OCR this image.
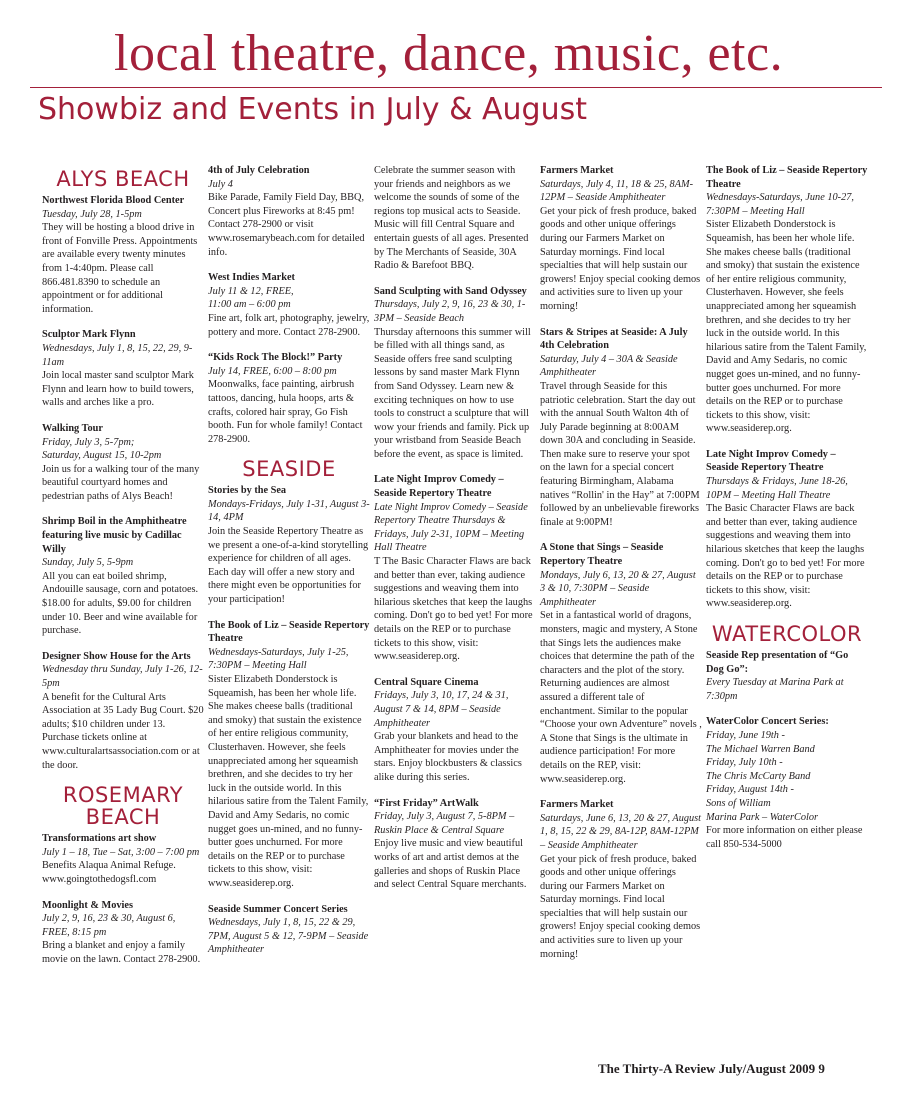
local theatre, dance, music, etc.
Showbiz and Events in July & August
ALYS BEACH
Northwest Florida Blood Center
Tuesday, July 28, 1-5pm
They will be hosting a blood drive in front of Fonville Press. Appointments are available every twenty minutes from 1-4:40pm. Please call 866.481.8390 to schedule an appointment or for additional information.
Sculptor Mark Flynn
Wednesdays, July 1, 8, 15, 22, 29, 9-11am
Join local master sand sculptor Mark Flynn and learn how to build towers, walls and arches like a pro.
Walking Tour
Friday, July 3, 5-7pm;
Saturday, August 15, 10-2pm
Join us for a walking tour of the many beautiful courtyard homes and pedestrian paths of Alys Beach!
Shrimp Boil in the Amphitheatre featuring live music by Cadillac Willy
Sunday, July 5, 5-9pm
All you can eat boiled shrimp, Andouille sausage, corn and potatoes. $18.00 for adults, $9.00 for children under 10. Beer and wine available for purchase.
Designer Show House for the Arts
Wednesday thru Sunday, July 1-26, 12-5pm
A benefit for the Cultural Arts Association at 35 Lady Bug Court. $20 adults; $10 children under 13. Purchase tickets online at www.culturalartsassociation.com or at the door.
ROSEMARY BEACH
Transformations art show
July 1 – 18, Tue – Sat, 3:00 – 7:00 pm
Benefits Alaqua Animal Refuge. www.goingtothedogsfl.com
Moonlight & Movies
July 2, 9, 16, 23 & 30, August 6, FREE, 8:15 pm
Bring a blanket and enjoy a family movie on the lawn. Contact 278-2900.
4th of July Celebration
July 4
Bike Parade, Family Field Day, BBQ, Concert plus Fireworks at 8:45 pm! Contact 278-2900 or visit www.rosemarybeach.com for detailed info.
West Indies Market
July 11 & 12, FREE,
11:00 am – 6:00 pm
Fine art, folk art, photography, jewelry, pottery and more. Contact 278-2900.
“Kids Rock The Block!” Party
July 14, FREE, 6:00 – 8:00 pm
Moonwalks, face painting, airbrush tattoos, dancing, hula hoops, arts & crafts, colored hair spray, Go Fish booth. Fun for whole family! Contact 278-2900.
SEASIDE
Stories by the Sea
Mondays-Fridays, July 1-31, August 3-14, 4PM
Join the Seaside Repertory Theatre as we present a one-of-a-kind storytelling experience for children of all ages. Each day will offer a new story and there might even be opportunities for your participation!
The Book of Liz – Seaside Repertory Theatre
Wednesdays-Saturdays, July 1-25, 7:30PM – Meeting Hall
Sister Elizabeth Donderstock is Squeamish, has been her whole life. She makes cheese balls (traditional and smoky) that sustain the existence of her entire religious community, Clusterhaven. However, she feels unappreciated among her squeamish brethren, and she decides to try her luck in the outside world. In this hilarious satire from the Talent Family, David and Amy Sedaris, no comic nugget goes un-mined, and no funny-butter goes unchurned. For more details on the REP or to purchase tickets to this show, visit: www.seasiderep.org.
Seaside Summer Concert Series
Wednesdays, July 1, 8, 15, 22 & 29, 7PM, August 5 & 12, 7-9PM – Seaside Amphitheater
Celebrate the summer season with your friends and neighbors as we welcome the sounds of some of the regions top musical acts to Seaside. Music will fill Central Square and entertain guests of all ages. Presented by The Merchants of Seaside, 30A Radio & Barefoot BBQ.
Sand Sculpting with Sand Odyssey
Thursdays, July 2, 9, 16, 23 & 30, 1-3PM – Seaside Beach
Thursday afternoons this summer will be filled with all things sand, as Seaside offers free sand sculpting lessons by sand master Mark Flynn from Sand Odyssey. Learn new & exciting techniques on how to use tools to construct a sculpture that will wow your friends and family. Pick up your wristband from Seaside Beach before the event, as space is limited.
Late Night Improv Comedy – Seaside Repertory Theatre
Late Night Improv Comedy – Seaside Repertory Theatre Thursdays & Fridays, July 2-31, 10PM – Meeting Hall Theatre
T The Basic Character Flaws are back and better than ever, taking audience suggestions and weaving them into hilarious sketches that keep the laughs coming. Don't go to bed yet! For more details on the REP or to purchase tickets to this show, visit: www.seasiderep.org.
Central Square Cinema
Fridays, July 3, 10, 17, 24 & 31, August 7 & 14, 8PM – Seaside Amphitheater
Grab your blankets and head to the Amphitheater for movies under the stars. Enjoy blockbusters & classics alike during this series.
“First Friday” ArtWalk
Friday, July 3, August 7, 5-8PM – Ruskin Place & Central Square
Enjoy live music and view beautiful works of art and artist demos at the galleries and shops of Ruskin Place and select Central Square merchants.
Farmers Market
Saturdays, July 4, 11, 18 & 25, 8AM-12PM – Seaside Amphitheater
Get your pick of fresh produce, baked goods and other unique offerings during our Farmers Market on Saturday mornings. Find local specialties that will help sustain our growers! Enjoy special cooking demos and activities sure to liven up your morning!
Stars & Stripes at Seaside: A July 4th Celebration
Saturday, July 4 – 30A & Seaside Amphitheater
Travel through Seaside for this patriotic celebration. Start the day out with the annual South Walton 4th of July Parade beginning at 8:00AM down 30A and concluding in Seaside. Then make sure to reserve your spot on the lawn for a special concert featuring Birmingham, Alabama natives “Rollin' in the Hay” at 7:00PM followed by an unbelievable fireworks finale at 9:00PM!
A Stone that Sings – Seaside Repertory Theatre
Mondays, July 6, 13, 20 & 27, August 3 & 10, 7:30PM – Seaside Amphitheater
Set in a fantastical world of dragons, monsters, magic and mystery, A Stone that Sings lets the audiences make choices that determine the path of the characters and the plot of the story. Returning audiences are almost assured a different tale of enchantment. Similar to the popular “Choose your own Adventure” novels , A Stone that Sings is the ultimate in audience participation! For more details on the REP, visit: www.seasiderep.org.
Farmers Market
Saturdays, June 6, 13, 20 & 27, August 1, 8, 15, 22 & 29, 8A-12P, 8AM-12PM – Seaside Amphitheater
Get your pick of fresh produce, baked goods and other unique offerings during our Farmers Market on Saturday mornings. Find local specialties that will help sustain our growers! Enjoy special cooking demos and activities sure to liven up your morning!
The Book of Liz – Seaside Repertory Theatre
Wednesdays-Saturdays, June 10-27, 7:30PM – Meeting Hall
Sister Elizabeth Donderstock is Squeamish, has been her whole life. She makes cheese balls (traditional and smoky) that sustain the existence of her entire religious community, Clusterhaven. However, she feels unappreciated among her squeamish brethren, and she decides to try her luck in the outside world. In this hilarious satire from the Talent Family, David and Amy Sedaris, no comic nugget goes un-mined, and no funny-butter goes unchurned. For more details on the REP or to purchase tickets to this show, visit: www.seasiderep.org.
Late Night Improv Comedy – Seaside Repertory Theatre
Thursdays & Fridays, June 18-26, 10PM – Meeting Hall Theatre
The Basic Character Flaws are back and better than ever, taking audience suggestions and weaving them into hilarious sketches that keep the laughs coming. Don't go to bed yet! For more details on the REP or to purchase tickets to this show, visit: www.seasiderep.org.
WATERCOLOR
Seaside Rep presentation of “Go Dog Go”:
Every Tuesday at Marina Park at 7:30pm
WaterColor Concert Series:
Friday, June 19th -
The Michael Warren Band
Friday, July 10th -
The Chris McCarty Band
Friday, August 14th -
Sons of William
Marina Park – WaterColor
For more information on either please call 850-534-5000
The Thirty-A Review July/August 2009 9
